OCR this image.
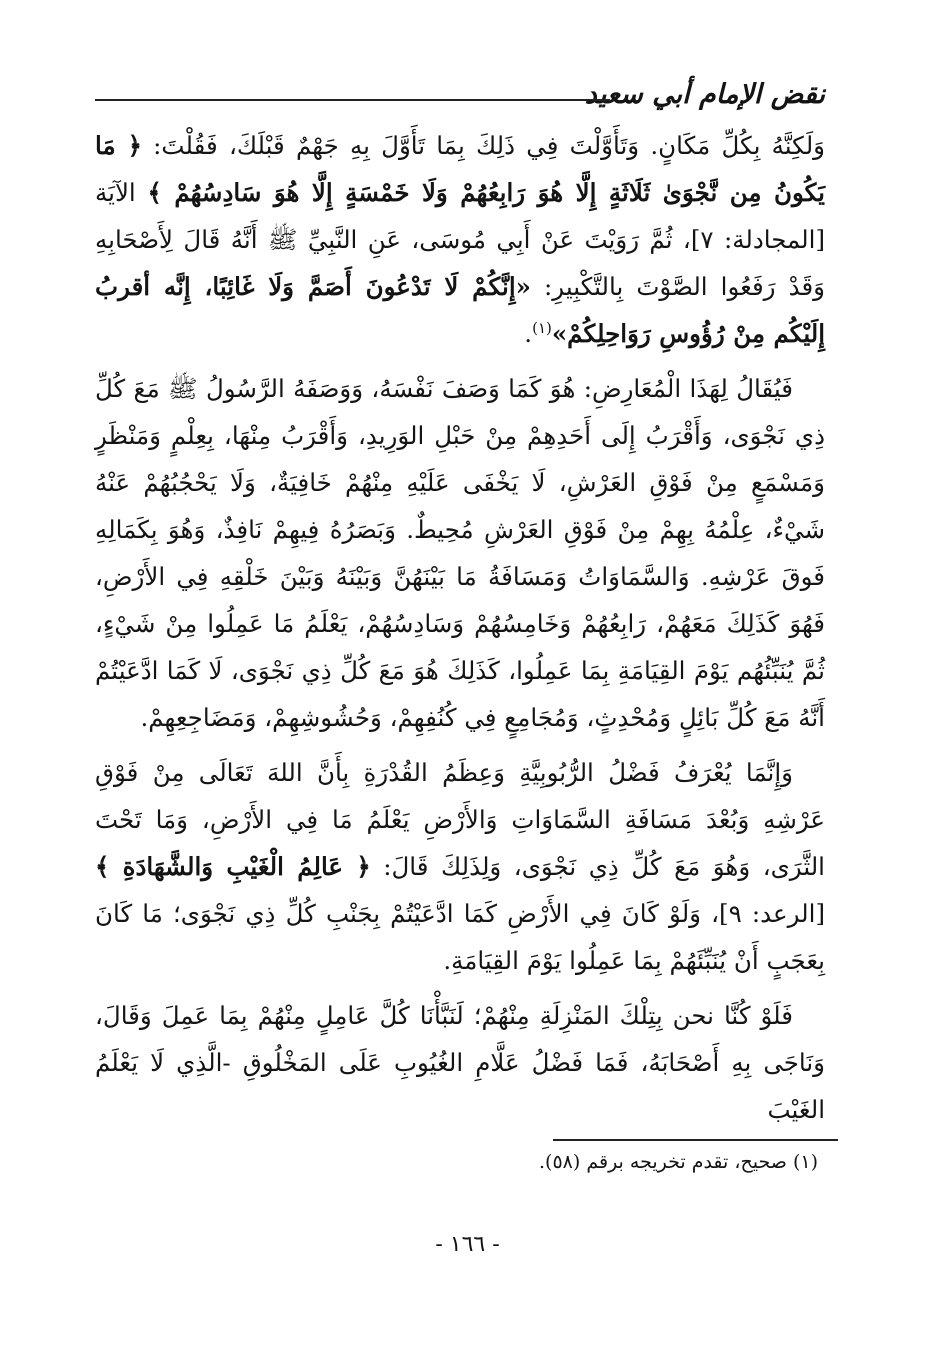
نقض الإمام أبي سعيد

وَلَكِنَّهُ بِكُلِّ مَكَانٍ. وَتَأَوَّلْتَ فِي ذَلِكَ بِمَا تَأَوَّلَ بِهِ جَهْمٌ قَبْلَكَ، فَقُلْتَ: ﴿ مَا يَكُونُ مِن نَّجْوَىٰ ثَلَاثَةٍ إِلَّا هُوَ رَابِعُهُمْ وَلَا خَمْسَةٍ إِلَّا هُوَ سَادِسُهُمْ ﴾ الآيَة [المجادلة: ٧]، ثُمَّ رَوَيْتَ عَنْ أَبِي مُوسَى، عَنِ النَّبِيِّ ﷺ أَنَّهُ قَالَ لِأَصْحَابِهِ وَقَدْ رَفَعُوا الصَّوْتَ بِالتَّكْبِيرِ: «إِنَّكُمْ لَا تَدْعُونَ أَصَمَّ وَلَا غَائِبًا، إِنَّه أقربُ إِلَيْكُم مِنْ رُؤُوسِ رَوَاحِلِكُمْ»$^{(١)}$.

فَيُقَالُ لِهَذَا الْمُعَارِضِ: هُوَ كَمَا وَصَفَ نَفْسَهُ، وَوَصَفَهُ الرَّسُولُ ﷺ مَعَ كُلِّ ذِي نَجْوَى، وَأَقْرَبُ إِلَى أَحَدِهِمْ مِنْ حَبْلِ الوَرِيدِ، وَأَقْرَبُ مِنْهَا، بِعِلْمٍ وَمَنْظَرٍ وَمَسْمَعٍ مِنْ فَوْقِ العَرْشِ، لَا يَخْفَى عَلَيْهِ مِنْهُمْ خَافِيَةٌ، وَلَا يَحْجُبُهُمْ عَنْهُ شَيْءٌ، عِلْمُهُ بِهِمْ مِنْ فَوْقِ العَرْشِ مُحِيطٌ. وَبَصَرُهُ فِيهِمْ نَافِذٌ، وَهُوَ بِكَمَالِهِ فَوقَ عَرْشِهِ. وَالسَّمَاوَاتُ وَمَسَافَةُ مَا بَيْنَهُنَّ وَبَيْنَهُ وَبَيْنَ خَلْقِهِ فِي الأَرْضِ، فَهُوَ كَذَلِكَ مَعَهُمْ، رَابِعُهُمْ وَخَامِسُهُمْ وَسَادِسُهُمْ، يَعْلَمُ مَا عَمِلُوا مِنْ شَيْءٍ، ثُمَّ يُنَبِّئُهُم يَوْمَ القِيَامَةِ بِمَا عَمِلُوا، كَذَلِكَ هُوَ مَعَ كُلِّ ذِي نَجْوَى، لَا كَمَا ادَّعَيْتُمْ أَنَّهُ مَعَ كُلِّ بَائِلٍ وَمُحْدِثٍ، وَمُجَامِعٍ فِي كُنُفِهِمْ، وَحُشُوشِهِمْ، وَمَضَاجِعِهِمْ.

وَإِنَّمَا يُعْرَفُ فَضْلُ الرُّبُوبِيَّةِ وَعِظَمُ القُدْرَةِ بِأَنَّ اللهَ تَعَالَى مِنْ فَوْقِ عَرْشِهِ وَبُعْدَ مَسَافَةِ السَّمَاوَاتِ وَالأَرْضِ يَعْلَمُ مَا فِي الأَرْضِ، وَمَا تَحْتَ الثَّرَى، وَهُوَ مَعَ كُلِّ ذِي نَجْوَى، وَلِذَلِكَ قَالَ: ﴿ عَالِمُ الْغَيْبِ وَالشَّهَادَةِ ﴾ [الرعد: ٩]، وَلَوْ كَانَ فِي الأَرْضِ كَمَا ادَّعَيْتُمْ بِجَنْبِ كُلِّ ذِي نَجْوَى؛ مَا كَانَ بِعَجَبٍ أَنْ يُنَبِّئَهُمْ بِمَا عَمِلُوا يَوْمَ القِيَامَةِ.

فَلَوْ كُنَّا نحن بِتِلْكَ المَنْزِلَةِ مِنْهُمْ؛ لَنَبَّأْنَا كُلَّ عَامِلٍ مِنْهُمْ بِمَا عَمِلَ وَقَالَ، وَنَاجَى بِهِ أَصْحَابَهُ، فَمَا فَضْلُ عَلَّامِ الغُيُوبِ عَلَى المَخْلُوقِ -الَّذِي لَا يَعْلَمُ الغَيْبَ

(١) صحيح، تقدم تخريجه برقم (٥٨).
- ١٦٦ -
